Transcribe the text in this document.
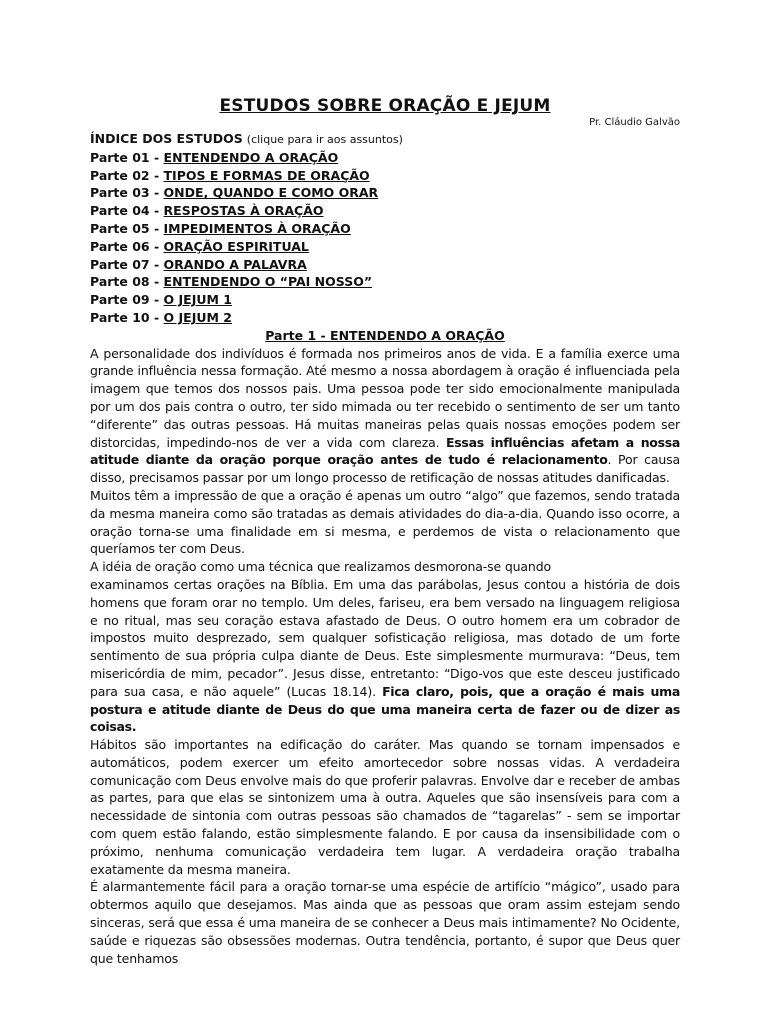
ESTUDOS SOBRE ORAÇÃO E JEJUM
Pr. Cláudio Galvão
ÍNDICE DOS ESTUDOS (clique para ir aos assuntos)
Parte 01 - ENTENDENDO A ORAÇÃO
Parte 02 - TIPOS E FORMAS DE ORAÇÃO
Parte 03 - ONDE, QUANDO E COMO ORAR
Parte 04 - RESPOSTAS À ORAÇÃO
Parte 05 - IMPEDIMENTOS À ORAÇÃO
Parte 06 - ORAÇÃO ESPIRITUAL
Parte 07 - ORANDO A PALAVRA
Parte 08 - ENTENDENDO O “PAI NOSSO”
Parte 09 - O JEJUM 1
Parte 10 - O JEJUM 2
Parte 1 - ENTENDENDO A ORAÇÃO

A personalidade dos indivíduos é formada nos primeiros anos de vida. E a família exerce uma grande influência nessa formação. Até mesmo a nossa abordagem à oração é influenciada pela imagem que temos dos nossos pais. Uma pessoa pode ter sido emocionalmente manipulada por um dos pais contra o outro, ter sido mimada ou ter recebido o sentimento de ser um tanto “diferente” das outras pessoas. Há muitas maneiras pelas quais nossas emoções podem ser distorcidas, impedindo-nos de ver a vida com clareza. Essas influências afetam a nossa atitude diante da oração porque oração antes de tudo é relacionamento. Por causa disso, precisamos passar por um longo processo de retificação de nossas atitudes danificadas.

Muitos têm a impressão de que a oração é apenas um outro “algo” que fazemos, sendo tratada da mesma maneira como são tratadas as demais atividades do dia-a-dia. Quando isso ocorre, a oração torna-se uma finalidade em si mesma, e perdemos de vista o relacionamento que queríamos ter com Deus.

A idéia de oração como uma técnica que realizamos desmorona-se quando
examinamos certas orações na Bíblia. Em uma das parábolas, Jesus contou a história de dois homens que foram orar no templo. Um deles, fariseu, era bem versado na linguagem religiosa e no ritual, mas seu coração estava afastado de Deus. O outro homem era um cobrador de impostos muito desprezado, sem qualquer sofisticação religiosa, mas dotado de um forte sentimento de sua própria culpa diante de Deus. Este simplesmente murmurava: “Deus, tem misericórdia de mim, pecador”. Jesus disse, entretanto: “Digo-vos que este desceu justificado para sua casa, e não aquele” (Lucas 18.14). Fica claro, pois, que a oração é mais uma postura e atitude diante de Deus do que uma maneira certa de fazer ou de dizer as coisas.

Hábitos são importantes na edificação do caráter. Mas quando se tornam impensados e automáticos, podem exercer um efeito amortecedor sobre nossas vidas. A verdadeira comunicação com Deus envolve mais do que proferir palavras. Envolve dar e receber de ambas as partes, para que elas se sintonizem uma à outra. Aqueles que são insensíveis para com a necessidade de sintonia com outras pessoas são chamados de “tagarelas” - sem se importar com quem estão falando, estão simplesmente falando. E por causa da insensibilidade com o próximo, nenhuma comunicação verdadeira tem lugar. A verdadeira oração trabalha exatamente da mesma maneira.

É alarmantemente fácil para a oração tornar-se uma espécie de artifício “mágico”, usado para obtermos aquilo que desejamos. Mas ainda que as pessoas que oram assim estejam sendo sinceras, será que essa é uma maneira de se conhecer a Deus mais intimamente? No Ocidente, saúde e riquezas são obsessões modernas. Outra tendência, portanto, é supor que Deus quer que tenhamos
